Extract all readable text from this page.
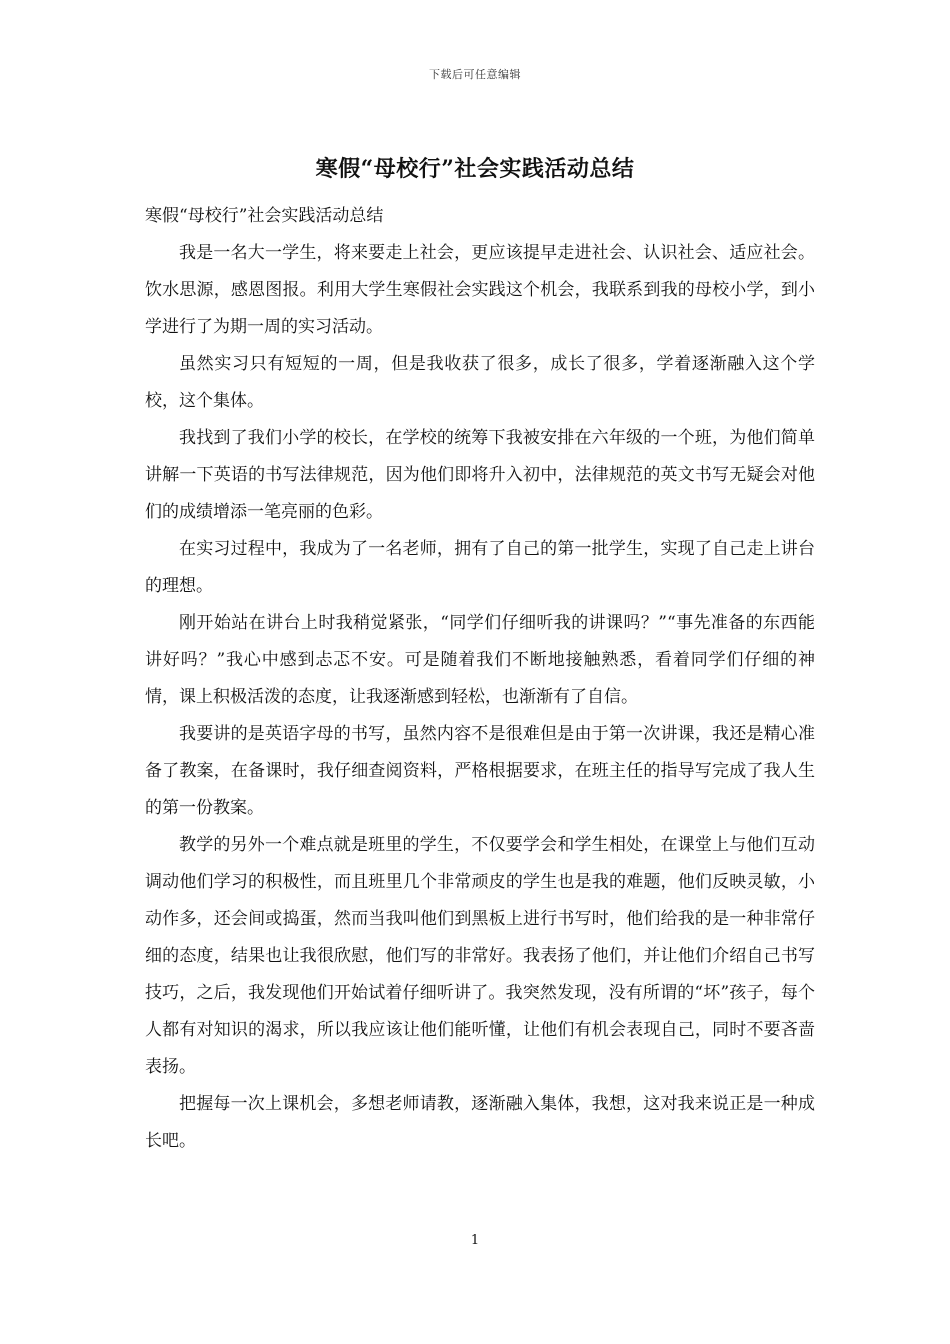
下载后可任意编辑
寒假“母校行”社会实践活动总结

寒假“母校行”社会实践活动总结

我是一名大一学生，将来要走上社会，更应该提早走进社会、认识社会、适应社会。饮水思源，感恩图报。利用大学生寒假社会实践这个机会，我联系到我的母校小学，到小学进行了为期一周的实习活动。

虽然实习只有短短的一周，但是我收获了很多，成长了很多，学着逐渐融入这个学校，这个集体。

我找到了我们小学的校长，在学校的统筹下我被安排在六年级的一个班，为他们简单讲解一下英语的书写法律规范，因为他们即将升入初中，法律规范的英文书写无疑会对他们的成绩增添一笔亮丽的色彩。

在实习过程中，我成为了一名老师，拥有了自己的第一批学生，实现了自己走上讲台的理想。

刚开始站在讲台上时我稍觉紧张，“同学们仔细听我的讲课吗？”“事先准备的东西能讲好吗？”我心中感到忐忑不安。可是随着我们不断地接触熟悉，看着同学们仔细的神情，课上积极活泼的态度，让我逐渐感到轻松，也渐渐有了自信。

我要讲的是英语字母的书写，虽然内容不是很难但是由于第一次讲课，我还是精心准备了教案，在备课时，我仔细查阅资料，严格根据要求，在班主任的指导写完成了我人生的第一份教案。

教学的另外一个难点就是班里的学生，不仅要学会和学生相处，在课堂上与他们互动调动他们学习的积极性，而且班里几个非常顽皮的学生也是我的难题，他们反映灵敏，小动作多，还会间或捣蛋，然而当我叫他们到黑板上进行书写时，他们给我的是一种非常仔细的态度，结果也让我很欣慰，他们写的非常好。我表扬了他们，并让他们介绍自己书写技巧，之后，我发现他们开始试着仔细听讲了。我突然发现，没有所谓的“坏”孩子，每个人都有对知识的渴求，所以我应该让他们能听懂，让他们有机会表现自己，同时不要吝啬表扬。

把握每一次上课机会，多想老师请教，逐渐融入集体，我想，这对我来说正是一种成长吧。

1
